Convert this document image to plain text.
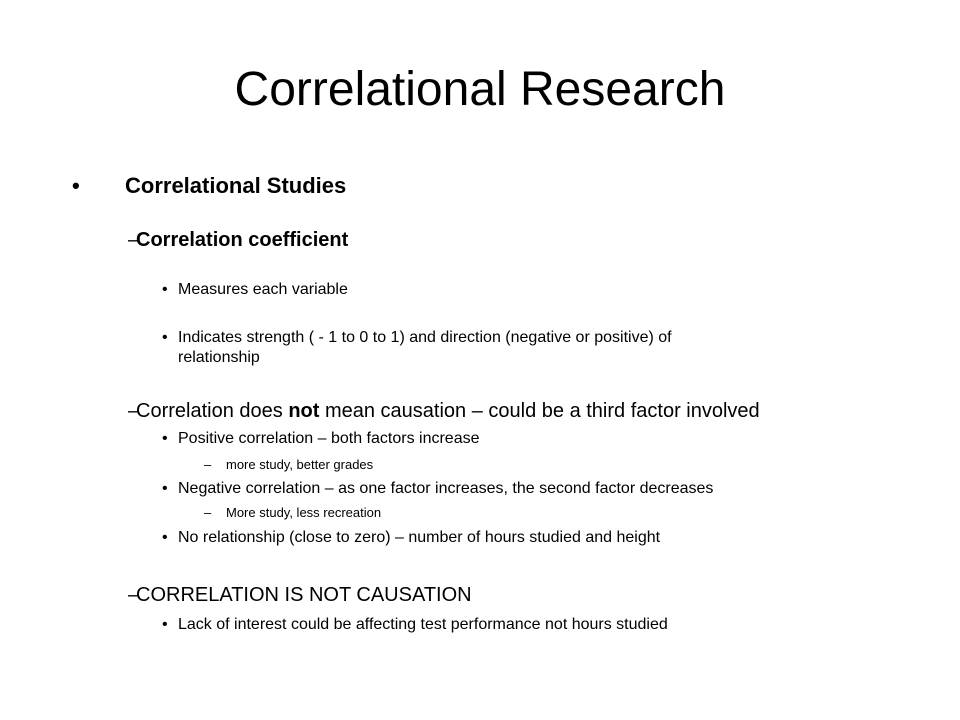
Correlational Research
• Correlational Studies
–
Correlation coefficient
• Measures each variable
• Indicates strength ( - 1 to 0 to 1) and direction (negative or positive) of
relationship
–
Correlation does not mean causation – could be a third factor involved
• Positive correlation – both factors increase
– more study, better grades
• Negative correlation – as one factor increases, the second factor decreases
– More study, less recreation
• No relationship (close to zero) – number of hours studied and height
–
CORRELATION IS NOT CAUSATION
• Lack of interest could be affecting test performance not hours studied
